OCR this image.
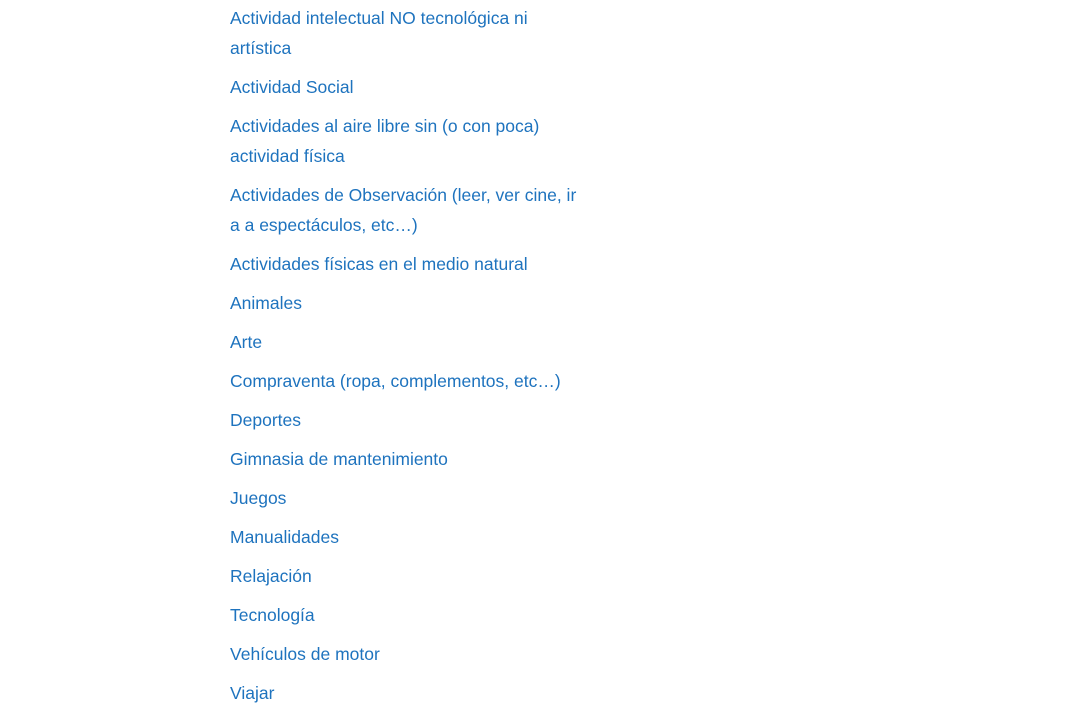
Actividad intelectual NO tecnológica ni artística
Actividad Social
Actividades al aire libre sin (o con poca) actividad física
Actividades de Observación (leer, ver cine, ir a a espectáculos, etc…)
Actividades físicas en el medio natural
Animales
Arte
Compraventa (ropa, complementos, etc…)
Deportes
Gimnasia de mantenimiento
Juegos
Manualidades
Relajación
Tecnología
Vehículos de motor
Viajar
